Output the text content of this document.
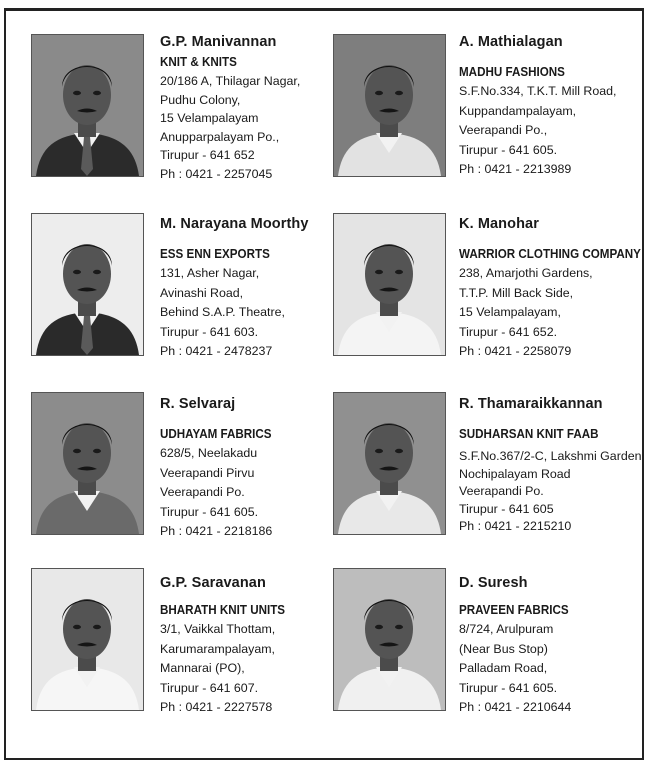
G.P. Manivannan
KNIT & KNITS
20/186 A, Thilagar Nagar,
Pudhu Colony,
15 Velampalayam
Anupparpalayam Po.,
Tirupur - 641 652
Ph : 0421 - 2257045
A. Mathialagan
MADHU FASHIONS
S.F.No.334, T.K.T. Mill Road,
Kuppandampalayam,
Veerapandi Po.,
Tirupur - 641 605.
Ph : 0421 - 2213989
M. Narayana Moorthy
ESS ENN EXPORTS
131, Asher Nagar,
Avinashi Road,
Behind S.A.P. Theatre,
Tirupur - 641 603.
Ph : 0421 - 2478237
K. Manohar
WARRIOR CLOTHING COMPANY
238, Amarjothi Gardens,
T.T.P. Mill Back Side,
15 Velampalayam,
Tirupur - 641 652.
Ph : 0421 - 2258079
R. Selvaraj
UDHAYAM FABRICS
628/5, Neelakadu
Veerapandi Pirvu
Veerapandi Po.
Tirupur - 641 605.
Ph : 0421 - 2218186
R. Thamaraikkannan
SUDHARSAN KNIT FAAB
S.F.No.367/2-C, Lakshmi Garden
Nochipalayam Road
Veerapandi Po.
Tirupur - 641 605
Ph : 0421 - 2215210
G.P. Saravanan
BHARATH KNIT UNITS
3/1, Vaikkal Thottam,
Karumarampalayam,
Mannarai (PO),
Tirupur - 641 607.
Ph : 0421 - 2227578
D. Suresh
PRAVEEN FABRICS
8/724, Arulpuram
(Near Bus Stop)
Palladam Road,
Tirupur - 641 605.
Ph : 0421 - 2210644
